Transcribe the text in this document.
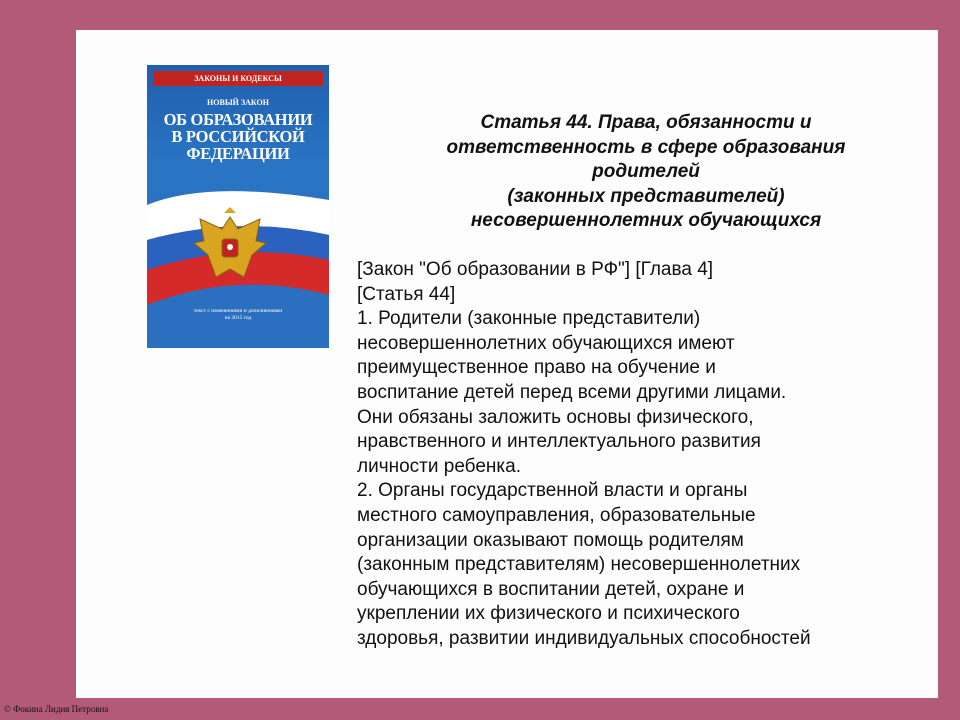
ЗАКОНЫ И КОДЕКСЫ
НОВЫЙ ЗАКОН
ОБ ОБРАЗОВАНИИ
В РОССИЙСКОЙ
ФЕДЕРАЦИИ
текст с изменениями и дополнениями
на 2015 год
Статья 44. Права, обязанности и
ответственность в сфере образования
родителей
(законных представителей)
несовершеннолетних обучающихся
[Закон "Об образовании в РФ"] [Глава 4]
[Статья 44]
1. Родители (законные представители)
несовершеннолетних обучающихся имеют
преимущественное право на обучение и
воспитание детей перед всеми другими лицами.
Они обязаны заложить основы физического,
нравственного и интеллектуального развития
личности ребенка.
2. Органы государственной власти и органы
местного самоуправления, образовательные
организации оказывают помощь родителям
(законным представителям) несовершеннолетних
обучающихся в воспитании детей, охране и
укреплении их физического и психического
здоровья, развитии индивидуальных способностей
© Фокина Лидия Петровна
